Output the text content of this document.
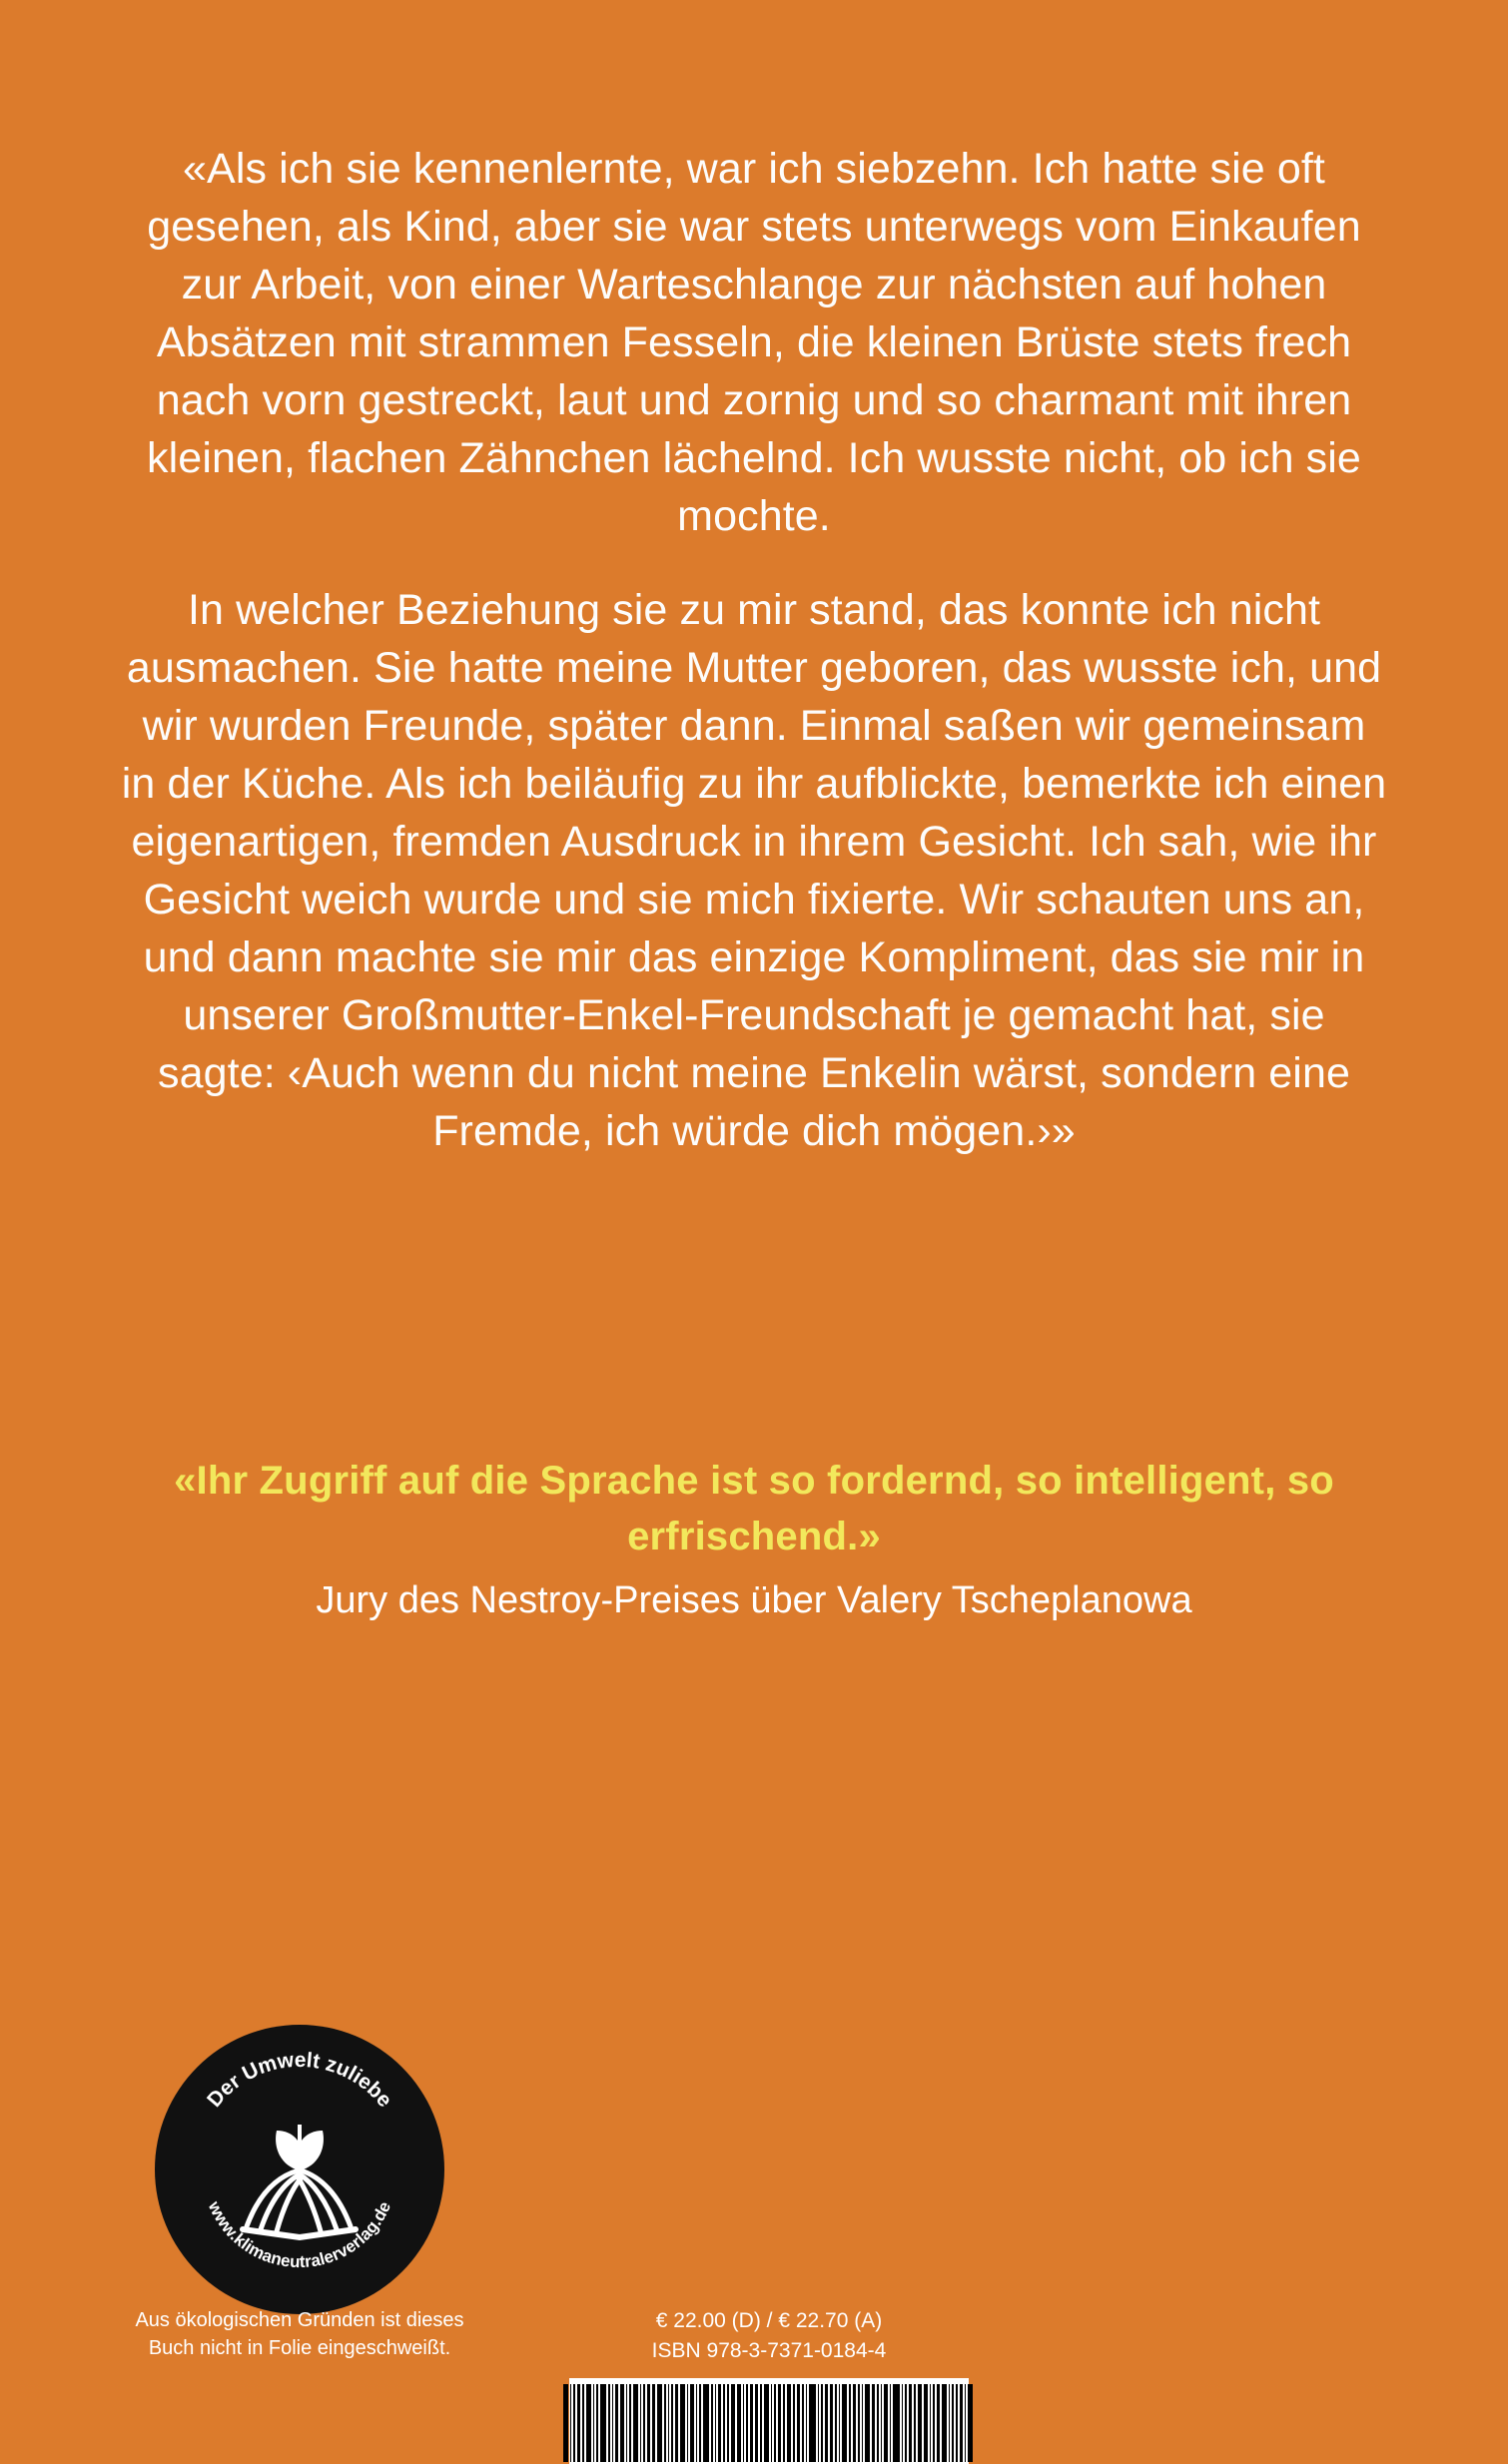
«Als ich sie kennenlernte, war ich siebzehn. Ich hatte sie oft gesehen, als Kind, aber sie war stets unterwegs vom Einkaufen zur Arbeit, von einer Warteschlange zur nächsten auf hohen Absätzen mit strammen Fesseln, die kleinen Brüste stets frech nach vorn gestreckt, laut und zornig und so charmant mit ihren kleinen, flachen Zähnchen lächelnd. Ich wusste nicht, ob ich sie mochte.

In welcher Beziehung sie zu mir stand, das konnte ich nicht ausmachen. Sie hatte meine Mutter geboren, das wusste ich, und wir wurden Freunde, später dann. Einmal saßen wir gemeinsam in der Küche. Als ich beiläufig zu ihr aufblickte, bemerkte ich einen eigenartigen, fremden Ausdruck in ihrem Gesicht. Ich sah, wie ihr Gesicht weich wurde und sie mich fixierte. Wir schauten uns an, und dann machte sie mir das einzige Kompliment, das sie mir in unserer Großmutter-Enkel-Freundschaft je gemacht hat, sie sagte: ‹Auch wenn du nicht meine Enkelin wärst, sondern eine Fremde, ich würde dich mögen.›»

«Ihr Zugriff auf die Sprache ist so fordernd, so intelligent, so erfrischend.»

Jury des Nestroy-Preises über Valery Tscheplanowa

Der Umwelt zuliebe
www.klimaneutralerverlag.de
Aus ökologischen Gründen ist dieses Buch nicht in Folie eingeschweißt.
€ 22.00 (D) / € 22.70 (A)
ISBN 978-3-7371-0184-4
